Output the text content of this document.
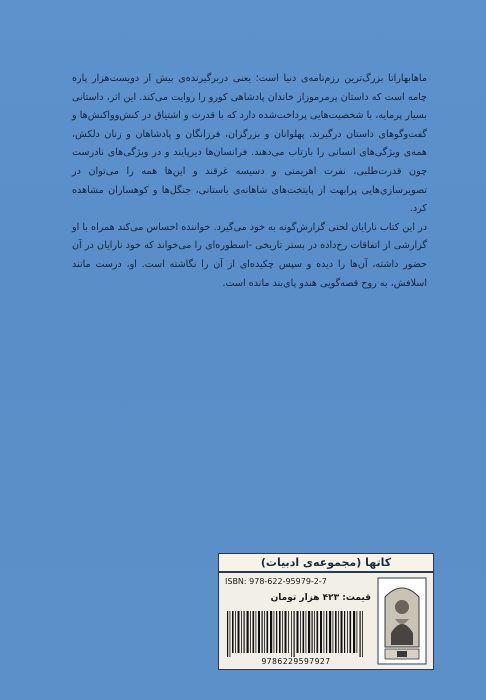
ماهابهاراتا بزرگ‌ترین رزم‌نامه‌ی دنیا است؛ یعنی دربرگیرنده‌ی بیش از دویست‌هزار پاره چامه است که داستان پرمرموزاز خاندان پادشاهی کورو را روایت می‌کند. این اثر، داستانی بسیار پرمایه، با شخصیت‌هایی پرداخت‌شده دارد که با قدرت و اشتیاق در کنش‌وواکنش‌ها و گفت‌وگوهای داستان درگیرند. پهلوانان و بزرگزان، فرزانگان و پادشاهان و زنان دلکش، همه‌ی ویژگی‌های انسانی را بازتاب می‌دهند. فرانسان‌ها دیرپایند و در ویژگی‌های نادرست چون قدرت‌طلبی، نفرت اهریمنی و دسیسه غرقند و این‌ها همه را می‌توان در تصویرسازی‌هایی پرابهت از پایتخت‌های شاهانه‌ی باستانی، جنگل‌ها و کوهساران مشاهده کرد.

در این کتاب نارایان لحنی گزارش‌گونه به خود می‌گیرد. خواننده احساس می‌کند همراه با او گزارشی از اتفاقات رخ‌داده در بستر تاریخی -اسطوره‌ای را می‌خواند که خود نارایان در آن حضور داشته، آن‌ها را دیده و سپس چکیده‌ای از آن را نگاشته است. او، درست مانند اسلافش، به روح قصه‌گویی هندو پای‌بند مانده است.

کاتها (مجموعه‌ی ادبیات)
ISBN: 978-622-95979-2-7
قیمت: ۴۲۳ هزار تومان
9786229597927
